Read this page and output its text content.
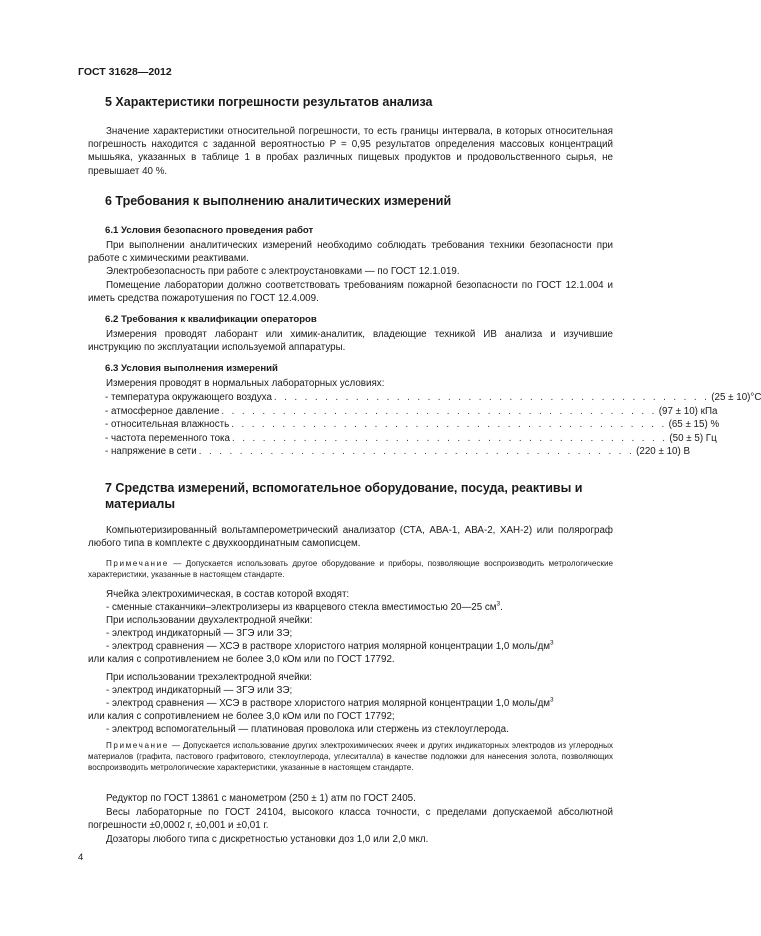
ГОСТ 31628—2012
5 Характеристики погрешности результатов анализа

Значение характеристики относительной погрешности, то есть границы интервала, в которых относительная погрешность находится с заданной вероятностью P = 0,95 результатов определения массовых концентраций мышьяка, указанных в таблице 1 в пробах различных пищевых продуктов и продовольственного сырья, не превышает 40 %.

6 Требования к выполнению аналитических измерений
6.1 Условия безопасного проведения работ

При выполнении аналитических измерений необходимо соблюдать требования техники безопасности при работе с химическими реактивами.

Электробезопасность при работе с электроустановками — по ГОСТ 12.1.019.

Помещение лаборатории должно соответствовать требованиям пожарной безопасности по ГОСТ 12.1.004 и иметь средства пожаротушения по ГОСТ 12.4.009.

6.2 Требования к квалификации операторов

Измерения проводят лаборант или химик-аналитик, владеющие техникой ИВ анализа и изучившие инструкцию по эксплуатации используемой аппаратуры.

6.3 Условия выполнения измерений

Измерения проводят в нормальных лабораторных условиях:

- температура окружающего воздуха . . . . . . . . . . . . . . . . . . . . . . . . . . . . . . . . . . . . . . . . . . . (25 ± 10)°C
- атмосферное давление . . . . . . . . . . . . . . . . . . . . . . . . . . . . . . . . . . . . . . . . . . . (97 ± 10) кПа
- относительная влажность . . . . . . . . . . . . . . . . . . . . . . . . . . . . . . . . . . . . . . . . . . . (65 ± 15) %
- частота переменного тока . . . . . . . . . . . . . . . . . . . . . . . . . . . . . . . . . . . . . . . . . . . (50 ± 5) Гц
- напряжение в сети . . . . . . . . . . . . . . . . . . . . . . . . . . . . . . . . . . . . . . . . . . . (220 ± 10) В
7 Средства измерений, вспомогательное оборудование, посуда, реактивы и материалы

Компьютеризированный вольтамперометрический анализатор (СТА, АВА-1, АВА-2, ХАН-2) или полярограф любого типа в комплекте с двухкоординатным самописцем.

Примечание — Допускается использовать другое оборудование и приборы, позволяющие воспроизводить метрологические характеристики, указанные в настоящем стандарте.

Ячейка электрохимическая, в состав которой входят:

- сменные стаканчики–электролизеры из кварцевого стекла вместимостью 20—25 $см^3$.

При использовании двухэлектродной ячейки:

- электрод индикаторный — ЗГЭ или ЗЭ;

- электрод сравнения — ХСЭ в растворе хлористого натрия молярной концентрации 1,0 моль/$дм^3$

или калия с сопротивлением не более 3,0 кОм или по ГОСТ 17792.

При использовании трехэлектродной ячейки:

- электрод индикаторный — ЗГЭ или ЗЭ;

- электрод сравнения — ХСЭ в растворе хлористого натрия молярной концентрации 1,0 моль/$дм^3$

или калия с сопротивлением не более 3,0 кОм или по ГОСТ 17792;

- электрод вспомогательный — платиновая проволока или стержень из стеклоуглерода.

Примечание — Допускается использование других электрохимических ячеек и других индикаторных электродов из углеродных материалов (графита, пастового графитового, стеклоуглерода, углеситалла) в качестве подложки для нанесения золота, позволяющих воспроизводить метрологические характеристики, указанные в настоящем стандарте.

Редуктор по ГОСТ 13861 с манометром (250 ± 1) атм по ГОСТ 2405.

Весы лабораторные по ГОСТ 24104, высокого класса точности, с пределами допускаемой абсолютной погрешности ±0,0002 г, ±0,001 и ±0,01 г.

Дозаторы любого типа с дискретностью установки доз 1,0 или 2,0 мкл.

4
